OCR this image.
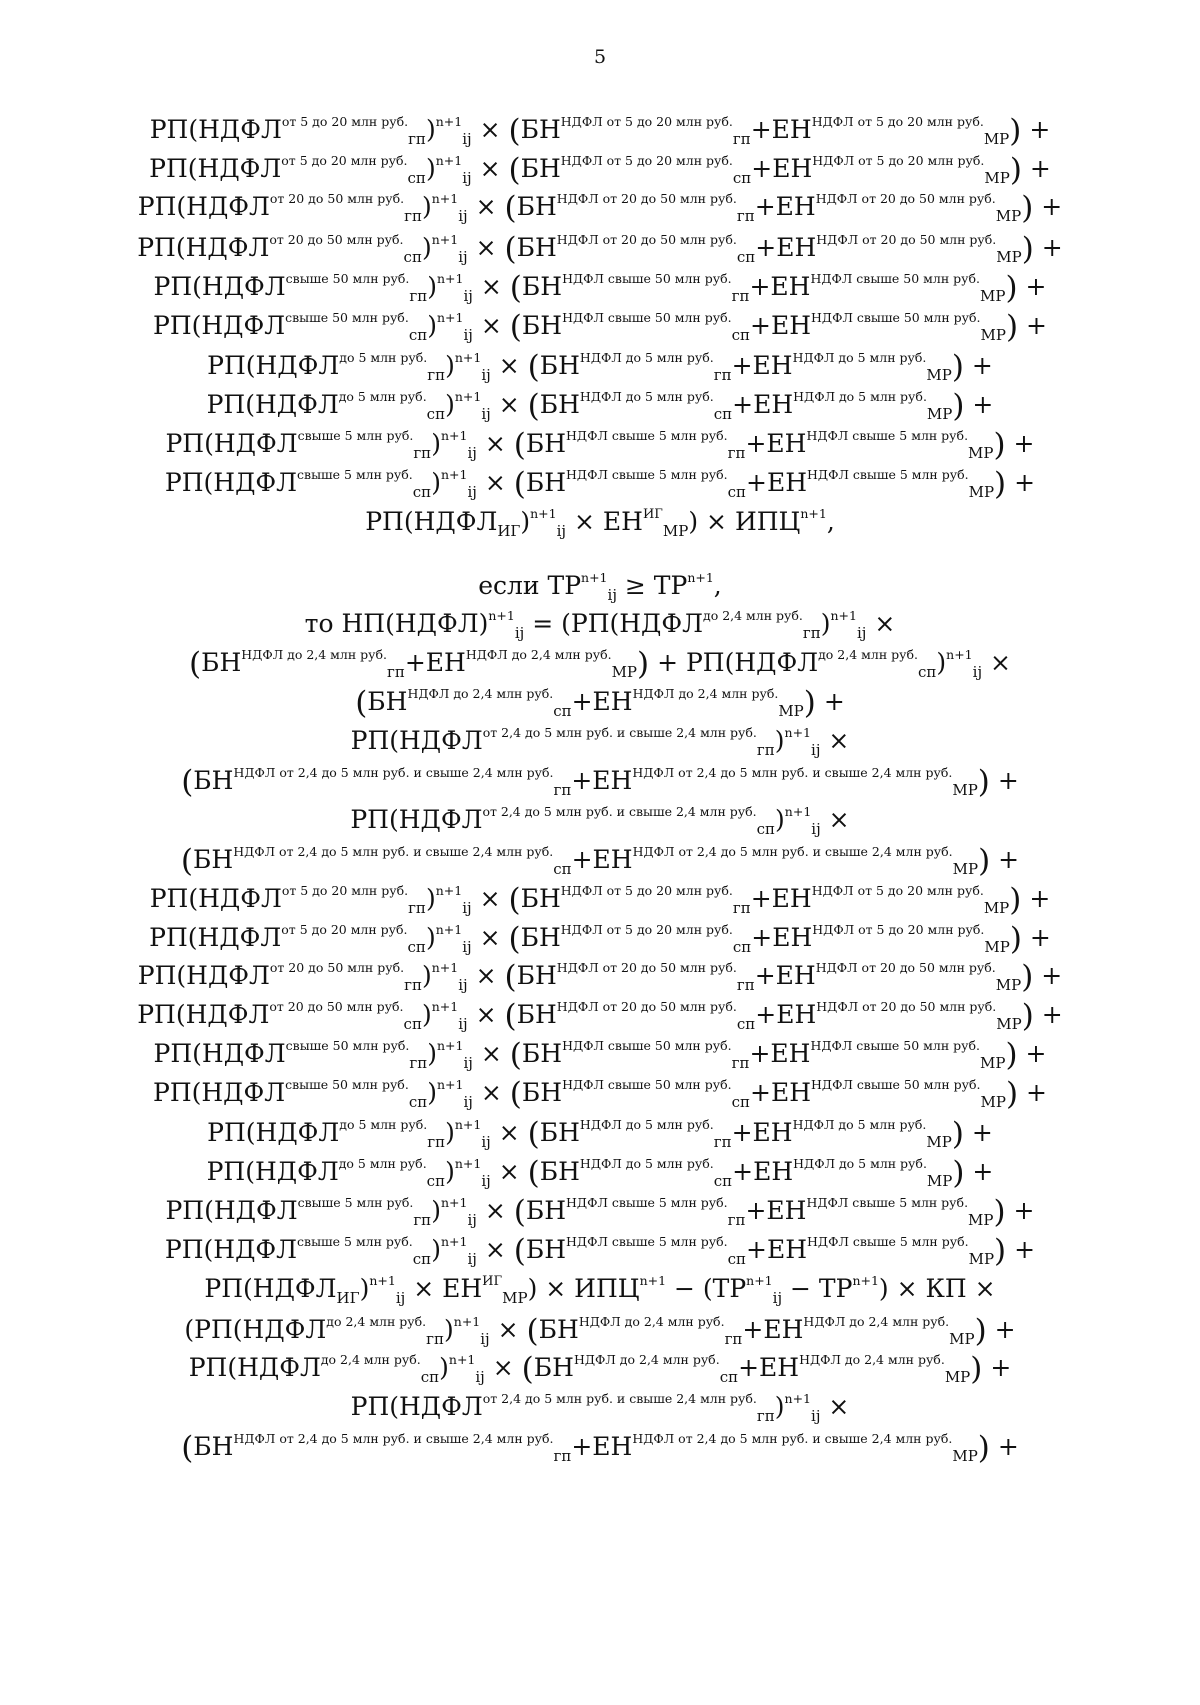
5
$РП(НДФЛ^{от 5 до 20 млн руб.}_{гп})^{n+1}_{ij} \times (БН^{НДФЛ от 5 до 20 млн руб.}_{гп}+ЕН^{НДФЛ от 5 до 20 млн руб.}_{МР})$ +
$РП(НДФЛ^{от 5 до 20 млн руб.}_{сп})^{n+1}_{ij} \times (БН^{НДФЛ от 5 до 20 млн руб.}_{сп}+ЕН^{НДФЛ от 5 до 20 млн руб.}_{МР})$ +
$РП(НДФЛ^{от 20 до 50 млн руб.}_{гп})^{n+1}_{ij} \times (БН^{НДФЛ от 20 до 50 млн руб.}_{гп}+ЕН^{НДФЛ от 20 до 50 млн руб.}_{МР})$ +
$РП(НДФЛ^{от 20 до 50 млн руб.}_{сп})^{n+1}_{ij} \times (БН^{НДФЛ от 20 до 50 млн руб.}_{сп}+ЕН^{НДФЛ от 20 до 50 млн руб.}_{МР})$ +
$РП(НДФЛ^{свыше 50 млн руб.}_{гп})^{n+1}_{ij} \times (БН^{НДФЛ свыше 50 млн руб.}_{гп}+ЕН^{НДФЛ свыше 50 млн руб.}_{МР})$ +
$РП(НДФЛ^{свыше 50 млн руб.}_{сп})^{n+1}_{ij} \times (БН^{НДФЛ свыше 50 млн руб.}_{сп}+ЕН^{НДФЛ свыше 50 млн руб.}_{МР})$ +
$РП(НДФЛ^{до 5 млн руб.}_{гп})^{n+1}_{ij} \times (БН^{НДФЛ до 5 млн руб.}_{гп}+ЕН^{НДФЛ до 5 млн руб.}_{МР})$ +
$РП(НДФЛ^{до 5 млн руб.}_{сп})^{n+1}_{ij} \times (БН^{НДФЛ до 5 млн руб.}_{сп}+ЕН^{НДФЛ до 5 млн руб.}_{МР})$ +
$РП(НДФЛ^{свыше 5 млн руб.}_{гп})^{n+1}_{ij} \times (БН^{НДФЛ свыше 5 млн руб.}_{гп}+ЕН^{НДФЛ свыше 5 млн руб.}_{МР})$ +
$РП(НДФЛ^{свыше 5 млн руб.}_{сп})^{n+1}_{ij} \times (БН^{НДФЛ свыше 5 млн руб.}_{сп}+ЕН^{НДФЛ свыше 5 млн руб.}_{МР})$ +
$РП(НДФЛ_{ИГ})^{n+1}_{ij} \times ЕН^{ИГ}_{МР}) \times ИПЦ^{n+1}$,
если $ТР^{n+1}_{ij} \ge ТР^{n+1}$,
то НП(НДФЛ)$^{n+1}_{ij}$ = ($РП(НДФЛ^{до 2,4 млн руб.}_{гп})^{n+1}_{ij}$ ×
$(БН^{НДФЛ до 2,4 млн руб.}_{гп}+ЕН^{НДФЛ до 2,4 млн руб.}_{МР})$ + $РП(НДФЛ^{до 2,4 млн руб.}_{сп})^{n+1}_{ij}$ ×
$(БН^{НДФЛ до 2,4 млн руб.}_{сп}+ЕН^{НДФЛ до 2,4 млн руб.}_{МР})$ +
$РП(НДФЛ^{от 2,4 до 5 млн руб. и свыше 2,4 млн руб.}_{гп})^{n+1}_{ij}$ ×
$(БН^{НДФЛ от 2,4 до 5 млн руб. и свыше 2,4 млн руб.}_{гп}+ЕН^{НДФЛ от 2,4 до 5 млн руб. и свыше 2,4 млн руб.}_{МР})$ +
$РП(НДФЛ^{от 2,4 до 5 млн руб. и свыше 2,4 млн руб.}_{сп})^{n+1}_{ij}$ ×
$(БН^{НДФЛ от 2,4 до 5 млн руб. и свыше 2,4 млн руб.}_{сп}+ЕН^{НДФЛ от 2,4 до 5 млн руб. и свыше 2,4 млн руб.}_{МР})$ +
$РП(НДФЛ^{от 5 до 20 млн руб.}_{гп})^{n+1}_{ij} \times (БН^{НДФЛ от 5 до 20 млн руб.}_{гп}+ЕН^{НДФЛ от 5 до 20 млн руб.}_{МР})$ +
$РП(НДФЛ^{от 5 до 20 млн руб.}_{сп})^{n+1}_{ij} \times (БН^{НДФЛ от 5 до 20 млн руб.}_{сп}+ЕН^{НДФЛ от 5 до 20 млн руб.}_{МР})$ +
$РП(НДФЛ^{от 20 до 50 млн руб.}_{гп})^{n+1}_{ij} \times (БН^{НДФЛ от 20 до 50 млн руб.}_{гп}+ЕН^{НДФЛ от 20 до 50 млн руб.}_{МР})$ +
$РП(НДФЛ^{от 20 до 50 млн руб.}_{сп})^{n+1}_{ij} \times (БН^{НДФЛ от 20 до 50 млн руб.}_{сп}+ЕН^{НДФЛ от 20 до 50 млн руб.}_{МР})$ +
$РП(НДФЛ^{свыше 50 млн руб.}_{гп})^{n+1}_{ij} \times (БН^{НДФЛ свыше 50 млн руб.}_{гп}+ЕН^{НДФЛ свыше 50 млн руб.}_{МР})$ +
$РП(НДФЛ^{свыше 50 млн руб.}_{сп})^{n+1}_{ij} \times (БН^{НДФЛ свыше 50 млн руб.}_{сп}+ЕН^{НДФЛ свыше 50 млн руб.}_{МР})$ +
$РП(НДФЛ^{до 5 млн руб.}_{гп})^{n+1}_{ij} \times (БН^{НДФЛ до 5 млн руб.}_{гп}+ЕН^{НДФЛ до 5 млн руб.}_{МР})$ +
$РП(НДФЛ^{до 5 млн руб.}_{сп})^{n+1}_{ij} \times (БН^{НДФЛ до 5 млн руб.}_{сп}+ЕН^{НДФЛ до 5 млн руб.}_{МР})$ +
$РП(НДФЛ^{свыше 5 млн руб.}_{гп})^{n+1}_{ij} \times (БН^{НДФЛ свыше 5 млн руб.}_{гп}+ЕН^{НДФЛ свыше 5 млн руб.}_{МР})$ +
$РП(НДФЛ^{свыше 5 млн руб.}_{сп})^{n+1}_{ij} \times (БН^{НДФЛ свыше 5 млн руб.}_{сп}+ЕН^{НДФЛ свыше 5 млн руб.}_{МР})$ +
$РП(НДФЛ_{ИГ})^{n+1}_{ij} \times ЕН^{ИГ}_{МР}) \times ИПЦ^{n+1} - (ТР^{n+1}_{ij} - ТР^{n+1})$ × КП ×
($РП(НДФЛ^{до 2,4 млн руб.}_{гп})^{n+1}_{ij} \times (БН^{НДФЛ до 2,4 млн руб.}_{гп}+ЕН^{НДФЛ до 2,4 млн руб.}_{МР})$ +
$РП(НДФЛ^{до 2,4 млн руб.}_{сп})^{n+1}_{ij} \times (БН^{НДФЛ до 2,4 млн руб.}_{сп}+ЕН^{НДФЛ до 2,4 млн руб.}_{МР})$ +
$РП(НДФЛ^{от 2,4 до 5 млн руб. и свыше 2,4 млн руб.}_{гп})^{n+1}_{ij}$ ×
$(БН^{НДФЛ от 2,4 до 5 млн руб. и свыше 2,4 млн руб.}_{гп}+ЕН^{НДФЛ от 2,4 до 5 млн руб. и свыше 2,4 млн руб.}_{МР})$ +
